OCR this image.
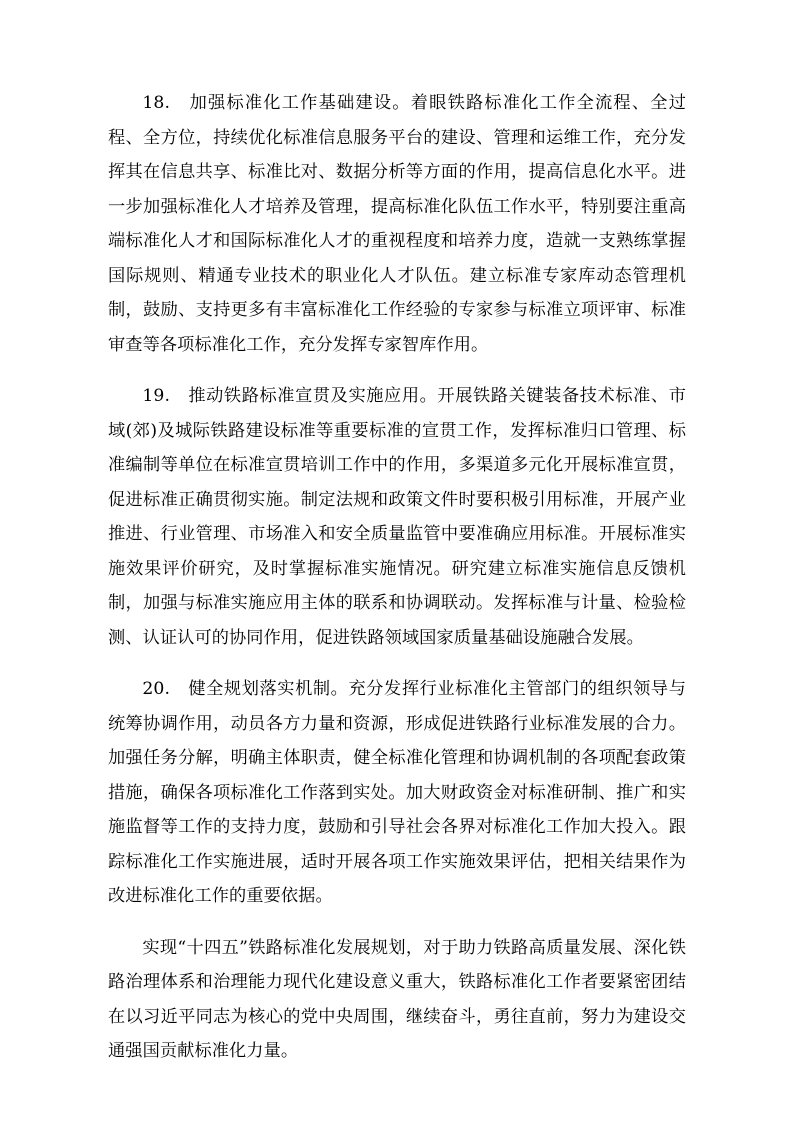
18.　加强标准化工作基础建设。着眼铁路标准化工作全流程、全过程、全方位，持续优化标准信息服务平台的建设、管理和运维工作，充分发挥其在信息共享、标准比对、数据分析等方面的作用，提高信息化水平。进一步加强标准化人才培养及管理，提高标准化队伍工作水平，特别要注重高端标准化人才和国际标准化人才的重视程度和培养力度，造就一支熟练掌握国际规则、精通专业技术的职业化人才队伍。建立标准专家库动态管理机制，鼓励、支持更多有丰富标准化工作经验的专家参与标准立项评审、标准审查等各项标准化工作，充分发挥专家智库作用。

19.　推动铁路标准宣贯及实施应用。开展铁路关键装备技术标准、市域(郊)及城际铁路建设标准等重要标准的宣贯工作，发挥标准归口管理、标准编制等单位在标准宣贯培训工作中的作用，多渠道多元化开展标准宣贯，促进标准正确贯彻实施。制定法规和政策文件时要积极引用标准，开展产业推进、行业管理、市场准入和安全质量监管中要准确应用标准。开展标准实施效果评价研究，及时掌握标准实施情况。研究建立标准实施信息反馈机制，加强与标准实施应用主体的联系和协调联动。发挥标准与计量、检验检测、认证认可的协同作用，促进铁路领域国家质量基础设施融合发展。

20.　健全规划落实机制。充分发挥行业标准化主管部门的组织领导与统筹协调作用，动员各方力量和资源，形成促进铁路行业标准发展的合力。加强任务分解，明确主体职责，健全标准化管理和协调机制的各项配套政策措施，确保各项标准化工作落到实处。加大财政资金对标准研制、推广和实施监督等工作的支持力度，鼓励和引导社会各界对标准化工作加大投入。跟踪标准化工作实施进展，适时开展各项工作实施效果评估，把相关结果作为改进标准化工作的重要依据。

实现“十四五”铁路标准化发展规划，对于助力铁路高质量发展、深化铁路治理体系和治理能力现代化建设意义重大，铁路标准化工作者要紧密团结在以习近平同志为核心的党中央周围，继续奋斗，勇往直前，努力为建设交通强国贡献标准化力量。
